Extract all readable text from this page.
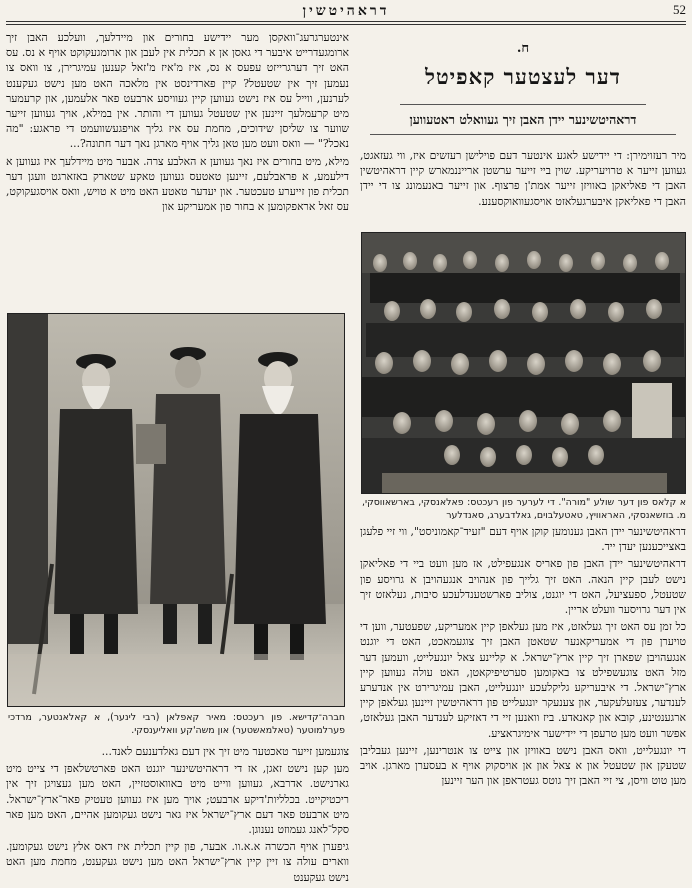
דראהיטשין	52
ח.
דער לעצטער קאפיטל
דראהיטשינער יידן האבן זיך געוואלט ראטעווען

מיר רעזוימירן: די יידישע לאגע אינטער דעם פוילישן רעזשים איז, ווי געזאגט, געווען זייער א טרויעריקע. שוין ביי זייער ערשטן ארייננמארש קיין דראהיטשין האבן די פאליאקן באוויזן זייער אמת'ן פרצוף. און זייער באנעמונג צו די יידן האבן די פאליאקן איבערגעלאזט אויסגעוואוקסענע.

א קלאס פון דער שולע "מורה". די לערער פון רעכטס: פאלאנסקי, בארשאווסקי, מ. בוזשאנסקי, האראוויץ, טאטעלבוים, גאלדבערג, סאנדלער

דראהיטשינער יידן האבן גענומען קוקן אויף דעם "זעיד־קאמוניסט", ווי זיי פלעגן באצייכענען יעדן ייד.

דראהיטשינער יידן האבן פון פאריס אנגעפילט, אז מען וועט ביי די פאליאקן נישט לעבן קיין הנאה. האט זיך גלייך פון אנהויב אנגעהויבן א גרויסע פון שטעטל, ספעציעל, האט די יוגנט, צוליב פארשטענדלעכע סיבות, געלאזט זיך אין דער גרויסער וועלט אריין.

כל זמן עס האט זיך געלאזט, איז מען געלאפן קיין אמעריקע, שפעטער, ווען די טויערן פון די אמעריקאנער שטאטן האבן זיך צוגעמאכט, האט די יוגנט אנגעהויבן שפארן זיך קיין ארץ־ישראל. א קליינע צאל יונגעלייט, וועמען דער מזל האט צוגעשפילט צו באקומען סערטיפיקאטן, האט עולה געווען קיין ארץ־ישראל. די איבעריקע גליקלעכע יונגעלייט, האבן עמיגרירט אין אנדערע לענדער, צעזעלעקער, און צענעקר יונגעלייט פון דראהיטשין זיינען געלאפן קיין ארגענטינע, קובא און קאנאדע. ביז וואנען זיי די דאזיקע לענדער האבן געלאזט, אפשר וועט מען טרעפן די יידישער אימיגראציע.

די יונגעלייט, וואס האבן נישט באוויזן און צייט צו אנטרינען, זיינען געבליבן שטעקן און שטעטל און א צאל און אן אויסקוק אויף א בעסערן מארגן. אויב מען טוט וויסן, צי זיי האבן זיך גוטס געטראפן און הער זיינען

אינטערגרעג־וואקסן מער יידישע בחורים און מיידלעך, וועלכע האבן זיך ארומגעדרייט איבער די גאסן אן א תכלית אין לעבן און ארומגעקוקט אויף א נס. עס האט זיך דערגרייזט עפעס א נס, איז מ'איז מ'זאל קענען עמיגרירן, צו וואס צו נעמען זיך אין שטעטל? קיין פארדינסט אין מלאכה האט מען נישט געקענט לערנען, ווייל עס איז נישט געווען קיין געוויסע ארבעט פאר אלעמען, און קרעמער מיט קרעמלעך זיינען אין שטעטל געווען די והותר. אין במילא, אויך געווען זייער שווער צו שליסן שידוכים, מחמת עס איז גליך אויפגעשוועמט די פראגע: "מה נאכל?" — וואס וועט מען טאן גליך אויף מארגן נאך דער חתונה?...

מילא, מיט בחורים איז נאך געווען א האלבע צרה. אבער מיט מיידלעך איז געווען א דילעמע, א פראבלעם, זיינען טאטעס געווען טאקע שטארק באזארגט וועגן דער תכלית פון זייערע טעכטער. און יעדער טאטע האט מיט א טויש, וואס אויסגעקוקט, עס זאל אראפקומען א בחור פון אמעריקע און

חברה־קדישא. פון רעכטס: מאיר קאפלאן (רבי לינער), א קאלאנטער, מרדכי פערלמוטער (טאלמאשטער) און משה'קע וואליענסקי.

צוגעמען זייער טאכטער מיט זיך אין דעם גאלדענעם לאנד...

מען קען נישט זאגן, אז די דראהיטשינער יוגנט האט פארטשלאפן די צייט מיט גארנישט. אדרבא, געווען ווייט מיט באוואוסטזיין, האט מען געצויגן זיך אין ריכטיקייט. בכלליות'דיקע ארבעט; אויך מען איז געווען טעטיק פאר־ארץ־ישראל. מיט ארבעט פאר דעם ארץ־ישראל איז גאר נישט געקומען אהיים, האט מען פאר סקל־לאנג געמוזט נענוגן.

גיפערן אויף הכשרה א.א.וו. אבער, פון קיין תכלית איז דאס אלץ נישט געקומען. ווארים עולה צו זיין קיין ארץ־ישראל האט מען נישט געקענט, מחמת מען האט נישט געקענט
